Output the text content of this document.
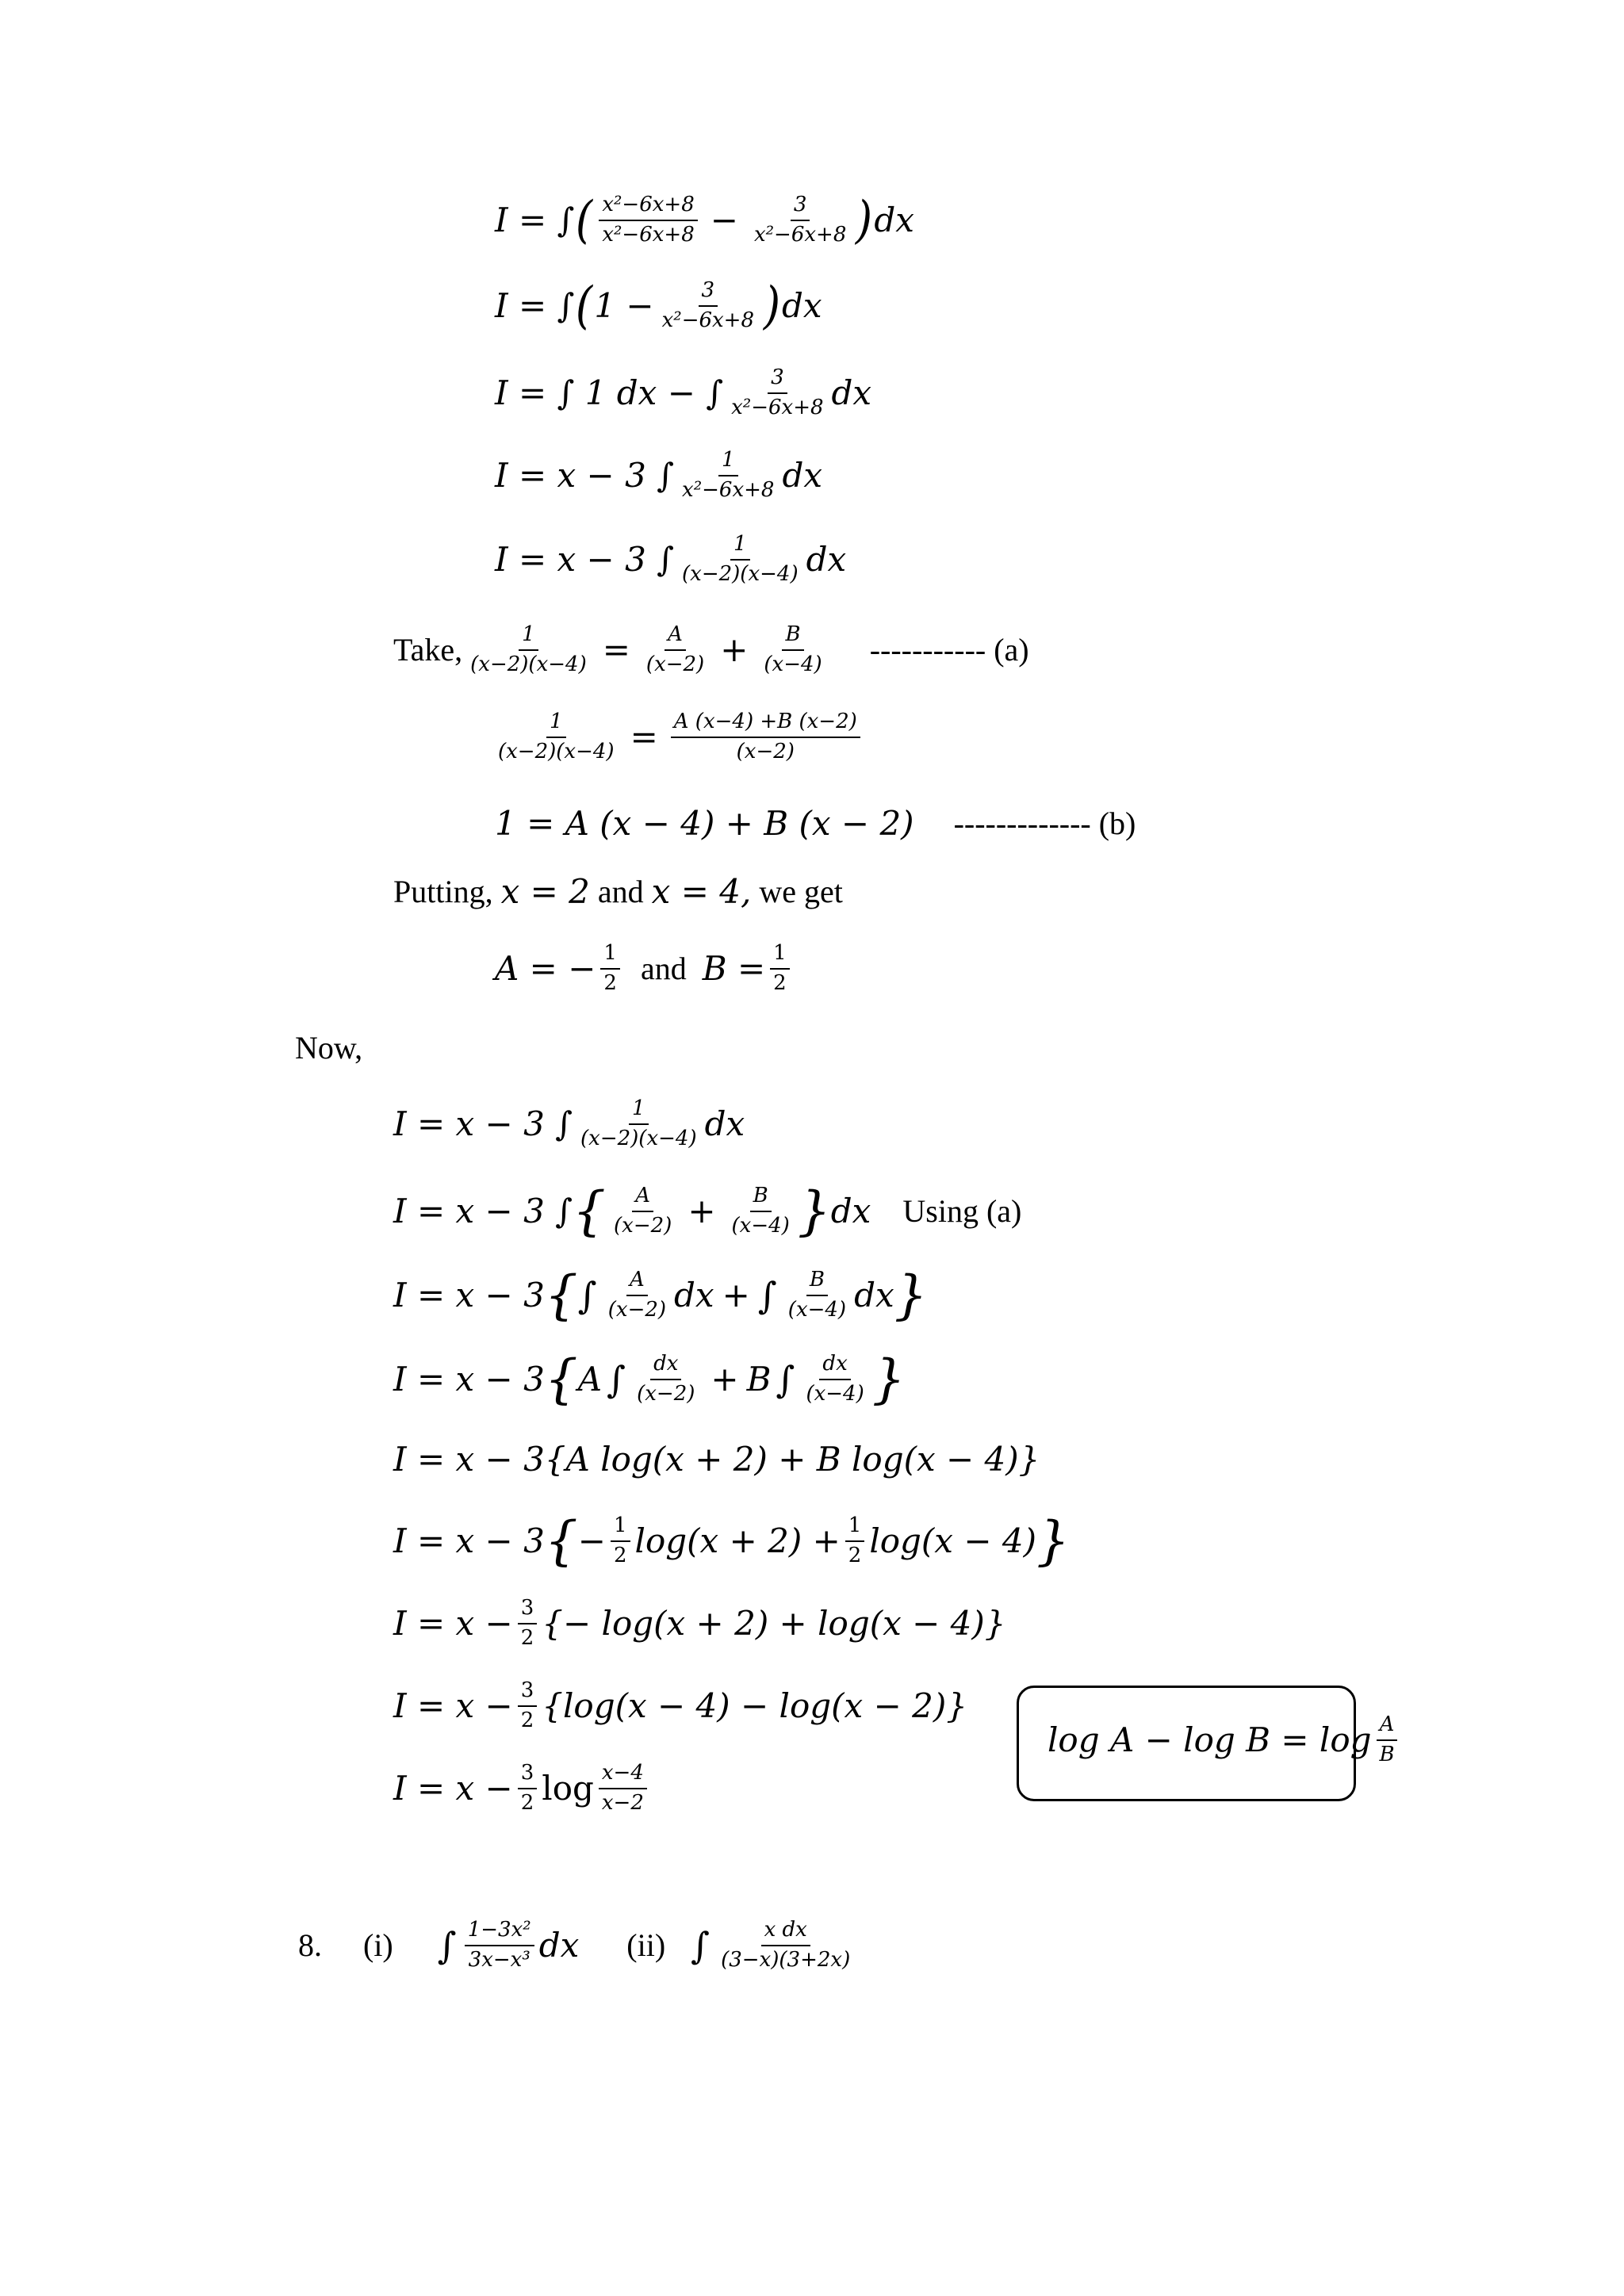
I = ∫ ( $\frac{\text{x²−6x+8}}{\text{x²−6x+8}} - \frac{3}{\text{x²−6x+8}}$ ) dx
I = ∫ ( $1 - \frac{3}{\text{x²−6x+8}}$ ) dx
I = ∫ 1 dx − ∫ $\frac{3}{\text{x²−6x+8}}$ dx
I = x − 3 ∫ $\frac{1}{\text{x²−6x+8}}$ dx
I = x − 3 ∫ $\frac{1}{(x-2)(x-4)}$ dx
Take, $\frac{1}{(x-2)(x-4)} = \frac{A}{(x-2)} + \frac{B}{(x-4)}$ ----------- (a)
$\frac{1}{(x-2)(x-4)} = \frac{A (x-4) +B (x-2)}{(x-2)}$
1 = A (x − 4) + B (x − 2) ------------- (b)
Putting, x = 2 and x = 4, we get
A = − $\frac{1}{2}$ and $B = \frac{1}{2}$
Now,
I = x − 3 ∫ $\frac{1}{(x-2)(x-4)}$ dx
I = x − 3 ∫ { $\frac{A}{(x-2)} + \frac{B}{(x-4)}$ } dx Using (a)
I = x − 3 { ∫ $\frac{A}{(x-2)}$ dx + ∫ $\frac{B}{(x-4)}$ dx }
I = x − 3 { A ∫ $\frac{dx}{(x-2)} + B$ ∫ $\frac{dx}{(x-4)}$ }
I = x − 3{A log(x + 2) + B log(x − 4)}
I = x − 3 { − $\frac{1}{2} \log(x + 2) + \frac{1}{2} \log(x - 4)$ }
$I = x - \frac{3}{2}$ {− log(x + 2) + log(x − 4)}
$I = x - \frac{3}{2} \{\log(x - 4) - \log(x - 2)\}$
$I = x - \frac{3}{2}$ $\log \frac{x-4}{x-2}$
$\log A - \log B = \log \frac{A}{B}$
8. (i) ∫ $\frac{\text{1−3x²}}{\text{3x−x³}}$ dx (ii) ∫ $\frac{\text{x dx}}{(3-x)(3+2x)}$
